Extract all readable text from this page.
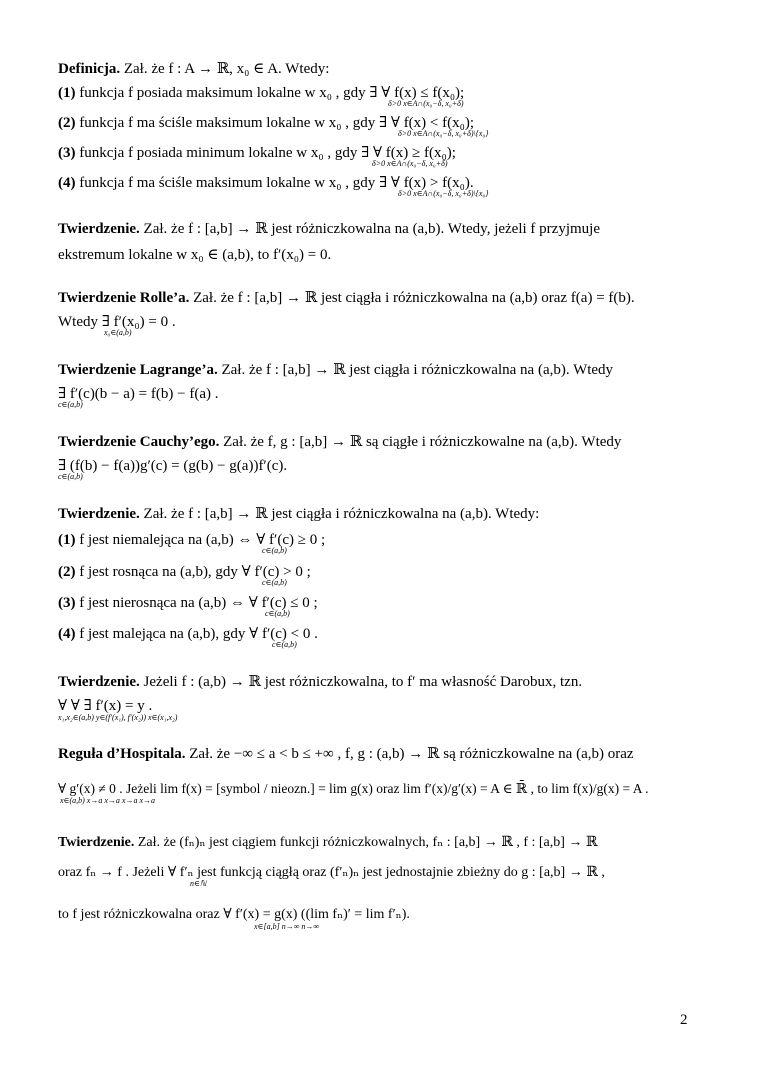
Definicja. Zał. że f : A → ℝ, x₀ ∈ A. Wtedy:
(1) funkcja f posiada maksimum lokalne w x₀ , gdy ∃ ∀ f(x) ≤ f(x₀);
δ>0 x∈A∩(x₀−δ, x₀+δ)
(2) funkcja f ma ściśle maksimum lokalne w x₀ , gdy ∃ ∀ f(x) < f(x₀);
δ>0 x∈A∩(x₀−δ, x₀+δ)\{x₀}
(3) funkcja f posiada minimum lokalne w x₀ , gdy ∃ ∀ f(x) ≥ f(x₀);
δ>0 x∈A∩(x₀−δ, x₀+δ)
(4) funkcja f ma ściśle maksimum lokalne w x₀ , gdy ∃ ∀ f(x) > f(x₀).
δ>0 x∈A∩(x₀−δ, x₀+δ)\{x₀}
Twierdzenie. Zał. że f : [a,b] → ℝ jest różniczkowalna na (a,b). Wtedy, jeżeli f przyjmuje
ekstremum lokalne w x₀ ∈ (a,b), to f′(x₀) = 0.
Twierdzenie Rolle’a. Zał. że f : [a,b] → ℝ jest ciągła i różniczkowalna na (a,b) oraz f(a) = f(b).
Wtedy ∃ f′(x₀) = 0 .
x₀∈(a,b)
Twierdzenie Lagrange’a. Zał. że f : [a,b] → ℝ jest ciągła i różniczkowalna na (a,b). Wtedy
∃ f′(c)(b − a) = f(b) − f(a) .
c∈(a,b)
Twierdzenie Cauchy’ego. Zał. że f, g : [a,b] → ℝ są ciągłe i różniczkowalne na (a,b). Wtedy
∃ (f(b) − f(a))g′(c) = (g(b) − g(a))f′(c).
c∈(a,b)
Twierdzenie. Zał. że f : [a,b] → ℝ jest ciągła i różniczkowalna na (a,b). Wtedy:
(1) f jest niemalejąca na (a,b) ⇔ ∀ f′(c) ≥ 0 ;
c∈(a,b)
(2) f jest rosnąca na (a,b), gdy ∀ f′(c) > 0 ;
c∈(a,b)
(3) f jest nierosnąca na (a,b) ⇔ ∀ f′(c) ≤ 0 ;
c∈(a,b)
(4) f jest malejąca na (a,b), gdy ∀ f′(c) < 0 .
c∈(a,b)
Twierdzenie. Jeżeli f : (a,b) → ℝ jest różniczkowalna, to f′ ma własność Darobux, tzn.
∀ ∀ ∃ f′(x) = y .
x₁,x₂∈(a,b) y∈(f′(x₁), f′(x₂)) x∈(x₁,x₂)
Reguła d’Hospitala. Zał. że −∞ ≤ a < b ≤ +∞ , f, g : (a,b) → ℝ są różniczkowalne na (a,b) oraz
∀ g′(x) ≠ 0 . Jeżeli lim f(x) = [symbol / nieozn.] = lim g(x) oraz lim f′(x)/g′(x) = A ∈ ℝ̄ , to lim f(x)/g(x) = A .
x∈(a,b) x→a x→a x→a x→a
Twierdzenie. Zał. że (fₙ)ₙ jest ciągiem funkcji różniczkowalnych, fₙ : [a,b] → ℝ , f : [a,b] → ℝ
oraz fₙ → f . Jeżeli ∀ f′ₙ jest funkcją ciągłą oraz (f′ₙ)ₙ jest jednostajnie zbieżny do g : [a,b] → ℝ ,
n∈ℕ
to f jest różniczkowalna oraz ∀ f′(x) = g(x) ((lim fₙ)′ = lim f′ₙ).
x∈[a,b] n→∞ n→∞
2
